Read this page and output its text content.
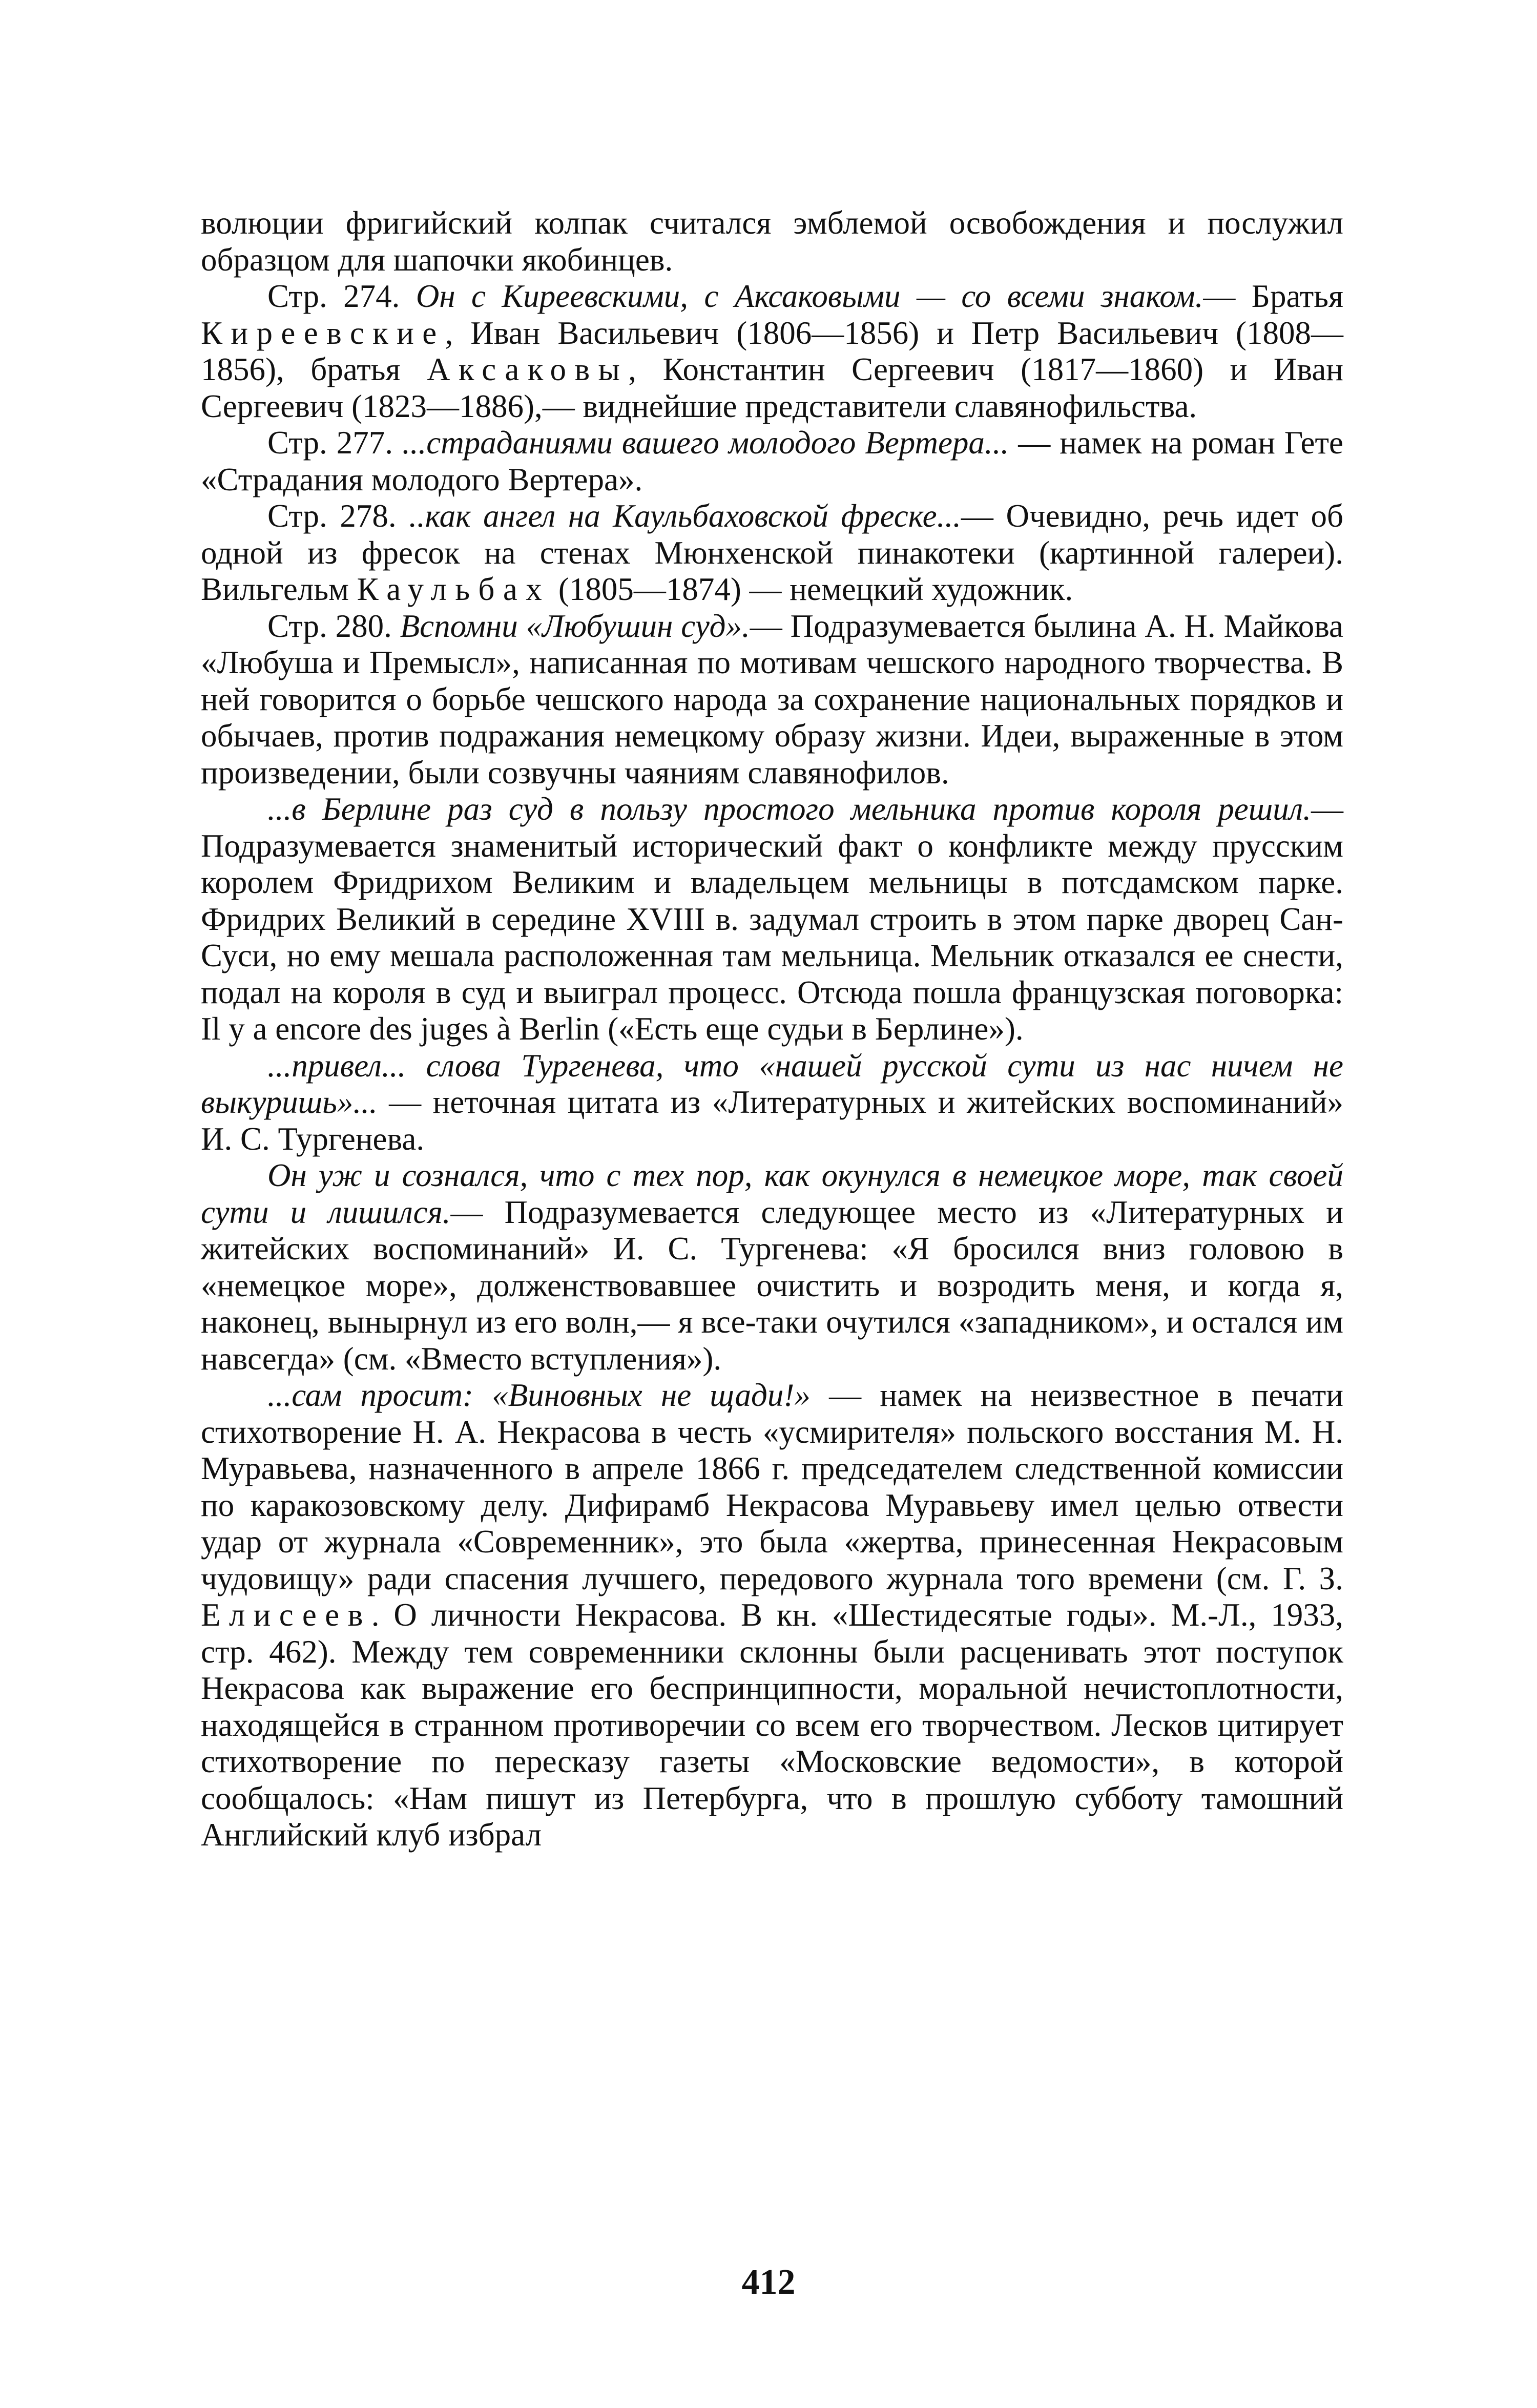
волюции фригийский колпак считался эмблемой освобождения и послужил образцом для шапочки якобинцев.

Стр. 274. Он с Киреевскими, с Аксаковыми — со всеми знаком.— Братья Киреевские, Иван Васильевич (1806—1856) и Петр Васильевич (1808—1856), братья Аксаковы, Константин Сергеевич (1817—1860) и Иван Сергеевич (1823—1886),— виднейшие представители славянофильства.

Стр. 277. ...страданиями вашего молодого Вертера... — намек на роман Гете «Страдания молодого Вертера».

Стр. 278. ..как ангел на Каульбаховской фреске...— Очевидно, речь идет об одной из фресок на стенах Мюнхенской пинакотеки (картинной галереи). Вильгельм Каульбах (1805—1874) — немецкий художник.

Стр. 280. Вспомни «Любушин суд».— Подразумевается былина А. Н. Майкова «Любуша и Премысл», написанная по мотивам чешского народного творчества. В ней говорится о борьбе чешского народа за сохранение национальных порядков и обычаев, против подражания немецкому образу жизни. Идеи, выраженные в этом произведении, были созвучны чаяниям славянофилов.

...в Берлине раз суд в пользу простого мельника против короля решил.— Подразумевается знаменитый исторический факт о конфликте между прусским королем Фридрихом Великим и владельцем мельницы в потсдамском парке. Фридрих Великий в середине XVIII в. задумал строить в этом парке дворец Сан-Суси, но ему мешала расположенная там мельница. Мельник отказался ее снести, подал на короля в суд и выиграл процесс. Отсюда пошла французская поговорка: Il y a encore des juges à Berlin («Есть еще судьи в Берлине»).

...привел... слова Тургенева, что «нашей русской сути из нас ничем не выкуришь»... — неточная цитата из «Литературных и житейских воспоминаний» И. С. Тургенева.

Он уж и сознался, что с тех пор, как окунулся в немецкое море, так своей сути и лишился.— Подразумевается следующее место из «Литературных и житейских воспоминаний» И. С. Тургенева: «Я бросился вниз головою в «немецкое море», долженствовавшее очистить и возродить меня, и когда я, наконец, вынырнул из его волн,— я все-таки очутился «западником», и остался им навсегда» (см. «Вместо вступления»).

...сам просит: «Виновных не щади!» — намек на неизвестное в печати стихотворение Н. А. Некрасова в честь «усмирителя» польского восстания М. Н. Муравьева, назначенного в апреле 1866 г. председателем следственной комиссии по каракозовскому делу. Дифирамб Некрасова Муравьеву имел целью отвести удар от журнала «Современник», это была «жертва, принесенная Некрасовым чудовищу» ради спасения лучшего, передового журнала того времени (см. Г. З. Елисеев. О личности Некрасова. В кн. «Шестидесятые годы». М.-Л., 1933, стр. 462). Между тем современники склонны были расценивать этот поступок Некрасова как выражение его беспринципности, моральной нечистоплотности, находящейся в странном противоречии со всем его творчеством. Лесков цитирует стихотворение по пересказу газеты «Московские ведомости», в которой сообщалось: «Нам пишут из Петербурга, что в прошлую субботу тамошний Английский клуб избрал

412
